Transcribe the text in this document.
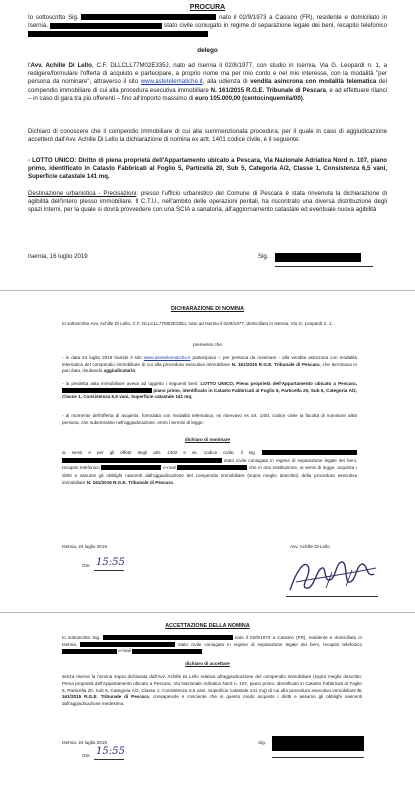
PROCURA
Io sottoscritto Sig.	nato il 02/9/1973 a Cassino (FR), residente e domiciliato in Isernia,	stato civile coniugato in regime di separazione legale dei beni, recapito telefonico
delego
l'Avv. Achille Di Lello, C.F. DLLCLL77M02E335J, nato ad Isernia il 02/8/1977, con studio in Isernia, Via G. Leopardi n. 1, a redigere/formulare l'offerta di acquisto e partecipare, a proprio nome ma per mio conto e nel mio interesse, con la modalità "per persona da nominare", attraverso il sito www.astetelematiche.it, alla udienza di vendita asincrona con modalità telematica del compendio immobiliare di cui alla procedura esecutiva immobiliare N. 161/2015 R.G.E. Tribunale di Pescara, e ad effettuare rilanci – in caso di gara tra più offerenti – fino all'importo massimo di euro 105.000,00 (centocinquemila/00).
Dichiaro di conoscere che il compendio immobiliare di cui alla summenzionata procedura, per il quale in caso di aggiudicazione accetterò dall'Avv. Achille Di Lello la dichiarazione di nomina ex artt. 1401 codice civile, è il seguente:
- LOTTO UNICO: Diritto di piena proprietà dell'Appartamento ubicato a Pescara, Via Nazionale Adriatica Nord n. 107, piano primo, identificato in Catasto Fabbricati al Foglio 5, Particella 20, Sub 5, Categoria A/2, Classe 1, Consistenza 6,5 vani, Superficie catastale 141 mq.
Destinazione urbanistica - Precisazioni: presso l'ufficio urbanistico del Comune di Pescara è stata rinvenuta la dichiarazione di agibilità dell'intero plesso immobiliare. Il C.T.U., nell'ambito delle operazioni peritali, ha riscontrato una diversa distribuzione degli spazi interni, per la quale si dovrà provvedere con una SCIA a sanatoria, all'aggiornamento catastale ed eventuale nuova agibilità
Isernia, 16 luglio 2019	Sig.
DICHIARAZIONE DI NOMINA
Io sottoscritto Avv. Achille Di Lello, C.F. DLLCLL77M02E335J, nato ad Isernia il 02/8/1977, domiciliato in Isernia, Via G. Leopardi n. 1,
premesso che
- in data 24 luglio 2019 tramite il sito www.astetelematiche.it partecipavo – per persona da nominare - alla vendita asincrona con modalità telematica del compendio immobiliare di cui alla procedura esecutiva immobiliare N. 161/2015 R.G.E. Tribunale di Pescara, che terminava in pari data, risultando aggiudicatario;
- la predetta asta immobiliare aveva ad oggetto i seguenti beni: LOTTO UNICO, Piena proprietà dell'Appartamento ubicato a Pescara,  piano primo, identificato in Catasto Fabbricati al Foglio 5, Particella 20, Sub 5, Categoria A/2, Classe 1, Consistenza 6,5 vani, Superficie catastale 141 mq;
- al momento dell'offerta di acquisto, formulata con modalità telematica, mi riservavo ex art. 1401 codice civile la facoltà di nominare altra persona, che subentrasse nell'aggiudicazione, entro i termini di legge;
dichiaro di nominare
ai sensi e per gli effetti degli artt. 1402 e ss. codice civile, il sig.   stato civile coniugato in regime di separazione legale dei beni, recapito telefonico	e-mail	che in mia sostituzione, ai sensi di legge, acquista i diritti e assume gli obblighi nascenti dall'aggiudicazione del compendio immobiliare (sopra meglio descritto) della procedura esecutiva immobiliare N. 161/2015 R.G.E. Tribunale di Pescara.
Isernia, 24 luglio 2019
Ore 15:55
Avv. Achille Di Lello
ACCETTAZIONE DELLA NOMINA
Io sottoscritto Sig.	nato il 02/9/1973 a Cassino (FR), residente e domiciliato in Isernia,	stato civile coniugato in regime di separazione legale dei beni, recapito telefonico  e-mail
dichiaro di accettare
senza riserve la nomina sopra dichiarata dall'Avv. Achille Di Lello relativa all'aggiudicazione del compendio immobiliare (sopra meglio descritto: Piena proprietà dell'Appartamento ubicato a Pescara, Via Nazionale Adriatica Nord n. 107, piano primo, identificato in Catasto Fabbricati al Foglio 5, Particella 20, Sub 5, Categoria A/2, Classe 1, Consistenza 6,5 vani, Superficie catastale 141 mq) di cui alla procedura esecutiva immobiliare N. 161/2015 R.G.E. Tribunale di Pescara, consapevole e cosciente che in questo modo acquisto i diritti e assumo gli obblighi nascenti dall'aggiudicazione medesima.
Isernia, 24 luglio 2019
Ore 15:55
Sig.
